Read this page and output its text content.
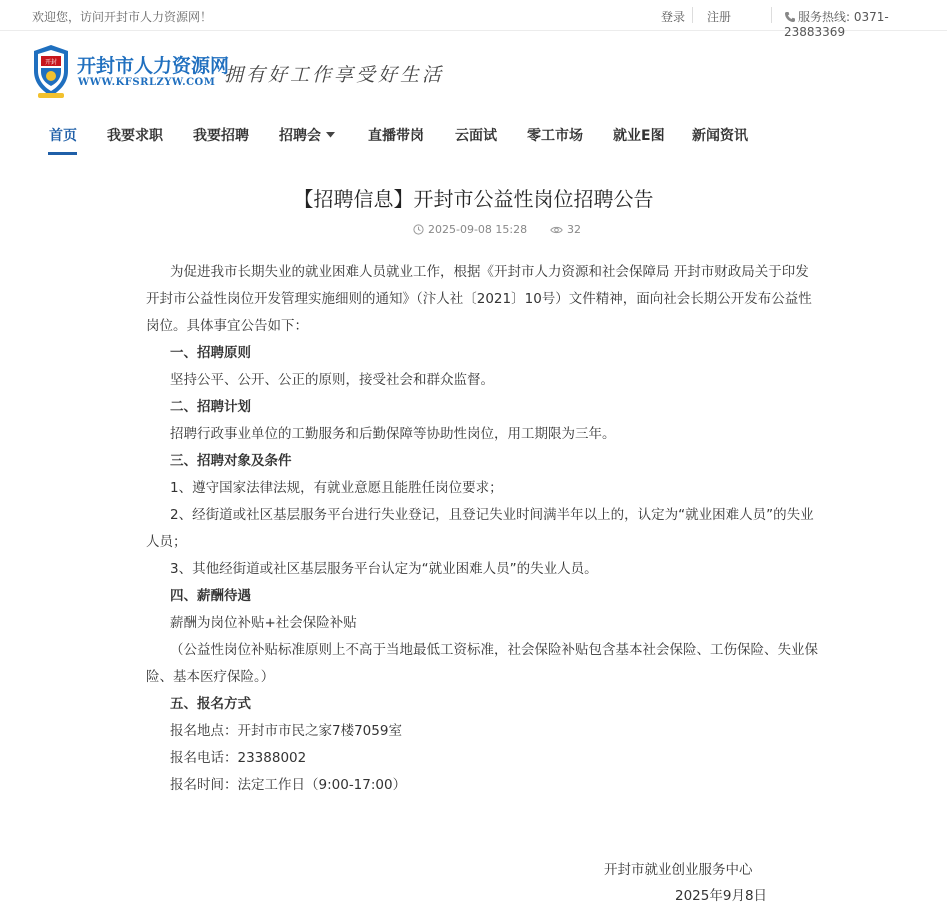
欢迎您，访问开封市人力资源网！	登录 注册	服务热线: 0371-23883369
开封 开封市人力资源网
WWW.KFSRLZYW.COM 拥有好工作享受好生活
首页 我要求职 我要招聘 招聘会	直播带岗 云面试 零工市场 就业E图 新闻资讯
【招聘信息】开封市公益性岗位招聘公告
2025-09-08 15:28	32

为促进我市长期失业的就业困难人员就业工作，根据《开封市人力资源和社会保障局 开封市财政局关于印发开封市公益性岗位开发管理实施细则的通知》（汴人社〔2021〕10号）文件精神，面向社会长期公开发布公益性岗位。具体事宜公告如下：

一、招聘原则

坚持公平、公开、公正的原则，接受社会和群众监督。

二、招聘计划

招聘行政事业单位的工勤服务和后勤保障等协助性岗位，用工期限为三年。

三、招聘对象及条件

1、遵守国家法律法规，有就业意愿且能胜任岗位要求；

2、经街道或社区基层服务平台进行失业登记，且登记失业时间满半年以上的，认定为“就业困难人员”的失业人员；

3、其他经街道或社区基层服务平台认定为“就业困难人员”的失业人员。

四、薪酬待遇

薪酬为岗位补贴+社会保险补贴

（公益性岗位补贴标准原则上不高于当地最低工资标准，社会保险补贴包含基本社会保险、工伤保险、失业保险、基本医疗保险。）

五、报名方式

报名地点：开封市市民之家7楼7059室

报名电话：23388002

报名时间：法定工作日（9:00-17:00）

开封市就业创业服务中心
2025年9月8日
